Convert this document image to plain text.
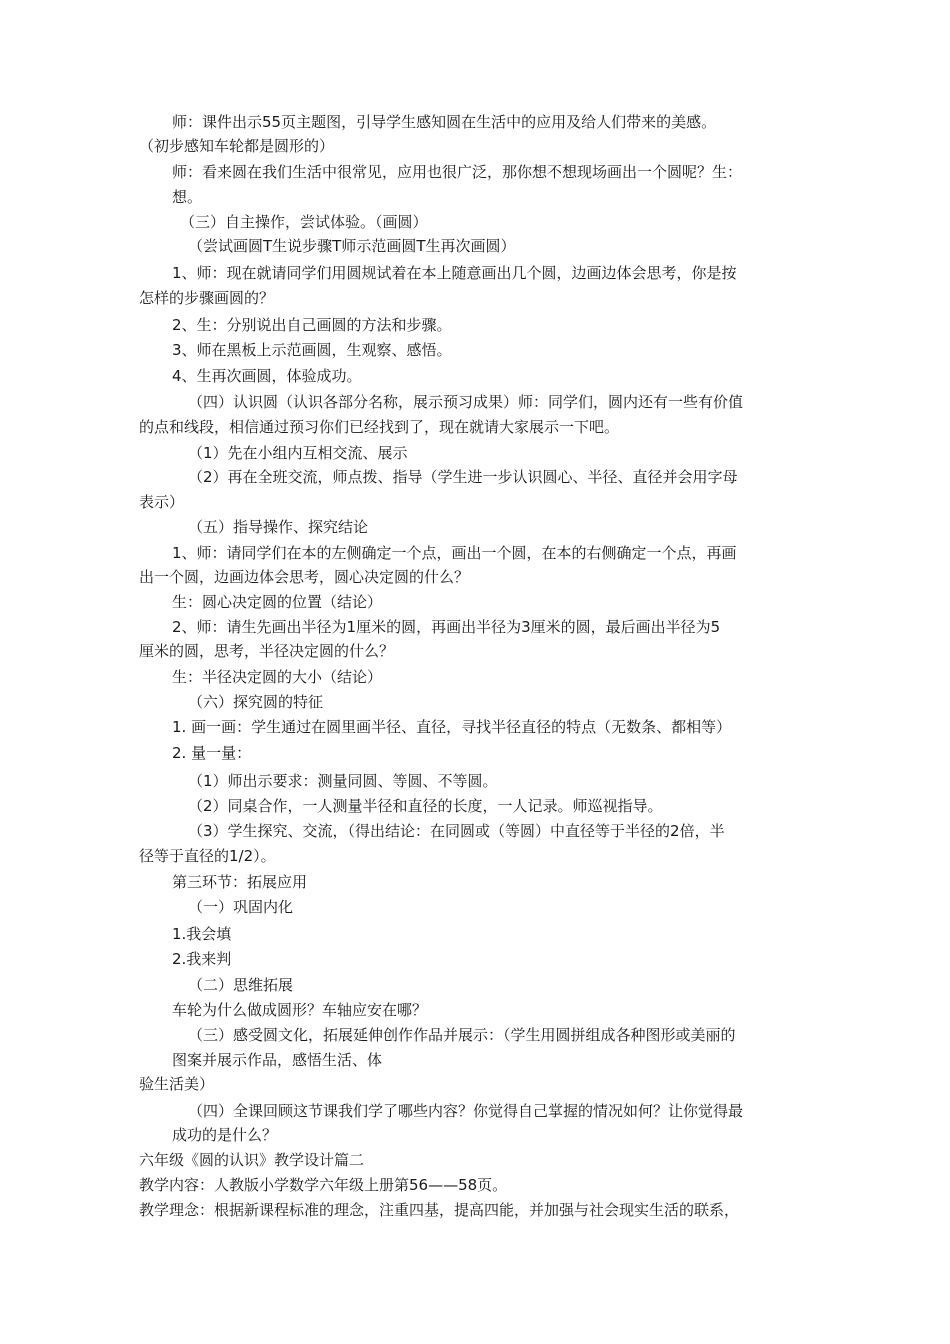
师：课件出示55页主题图，引导学生感知圆在生活中的应用及给人们带来的美感。
（初步感知车轮都是圆形的）
师：看来圆在我们生活中很常见，应用也很广泛，那你想不想现场画出一个圆呢？生：
想。
（三）自主操作，尝试体验。（画圆）
（尝试画圆T生说步骤T师示范画圆T生再次画圆）
1、师：现在就请同学们用圆规试着在本上随意画出几个圆，边画边体会思考，你是按
怎样的步骤画圆的？
2、生：分别说出自己画圆的方法和步骤。
3、师在黑板上示范画圆，生观察、感悟。
4、生再次画圆，体验成功。
（四）认识圆（认识各部分名称，展示预习成果）师：同学们，圆内还有一些有价值
的点和线段，相信通过预习你们已经找到了，现在就请大家展示一下吧。
（1）先在小组内互相交流、展示
（2）再在全班交流，师点拨、指导（学生进一步认识圆心、半径、直径并会用字母
表示）
（五）指导操作、探究结论
1、师：请同学们在本的左侧确定一个点，画出一个圆，在本的右侧确定一个点，再画
出一个圆，边画边体会思考，圆心决定圆的什么？
生：圆心决定圆的位置（结论）
2、师：请生先画出半径为1厘米的圆，再画出半径为3厘米的圆，最后画出半径为5
厘米的圆，思考，半径决定圆的什么？
生：半径决定圆的大小（结论）
（六）探究圆的特征
1. 画一画：学生通过在圆里画半径、直径，寻找半径直径的特点（无数条、都相等）
2. 量一量：
（1）师出示要求：测量同圆、等圆、不等圆。
（2）同桌合作，一人测量半径和直径的长度，一人记录。师巡视指导。
（3）学生探究、交流，（得出结论：在同圆或（等圆）中直径等于半径的2倍，半
径等于直径的1/2）。
第三环节：拓展应用
（一）巩固内化
1.我会填
2.我来判
（二）思维拓展
车轮为什么做成圆形？车轴应安在哪？
（三）感受圆文化，拓展延伸创作作品并展示：（学生用圆拼组成各种图形或美丽的
图案并展示作品，感悟生活、体
验生活美）
（四）全课回顾这节课我们学了哪些内容？你觉得自己掌握的情况如何？让你觉得最
成功的是什么？
六年级《圆的认识》教学设计篇二
教学内容：人教版小学数学六年级上册第56——58页。
教学理念：根据新课程标准的理念，注重四基，提高四能，并加强与社会现实生活的联系，
